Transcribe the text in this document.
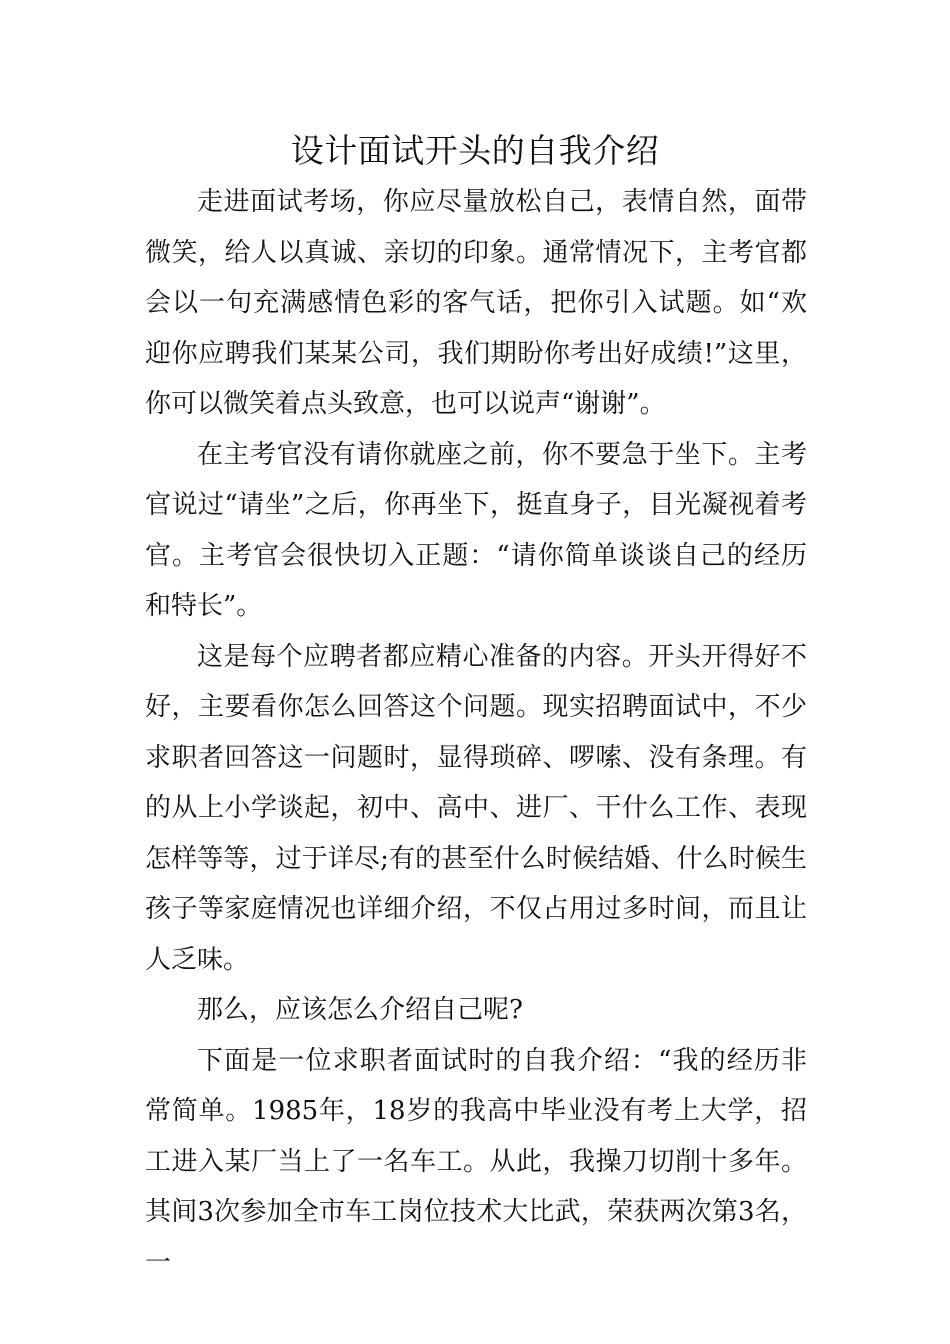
设计面试开头的自我介绍

走进面试考场，你应尽量放松自己，表情自然，面带微笑，给人以真诚、亲切的印象。通常情况下，主考官都会以一句充满感情色彩的客气话，把你引入试题。如“欢迎你应聘我们某某公司，我们期盼你考出好成绩!”这里，你可以微笑着点头致意，也可以说声“谢谢”。

在主考官没有请你就座之前，你不要急于坐下。主考官说过“请坐”之后，你再坐下，挺直身子，目光凝视着考官。主考官会很快切入正题：“请你简单谈谈自己的经历和特长”。

这是每个应聘者都应精心准备的内容。开头开得好不好，主要看你怎么回答这个问题。现实招聘面试中，不少求职者回答这一问题时，显得琐碎、啰嗦、没有条理。有的从上小学谈起，初中、高中、进厂、干什么工作、表现怎样等等，过于详尽;有的甚至什么时候结婚、什么时候生孩子等家庭情况也详细介绍，不仅占用过多时间，而且让人乏味。

那么，应该怎么介绍自己呢?

下面是一位求职者面试时的自我介绍：“我的经历非常简单。1985年，18岁的我高中毕业没有考上大学，招工进入某厂当上了一名车工。从此，我操刀切削十多年。其间3次参加全市车工岗位技术大比武，荣获两次第3名，一
